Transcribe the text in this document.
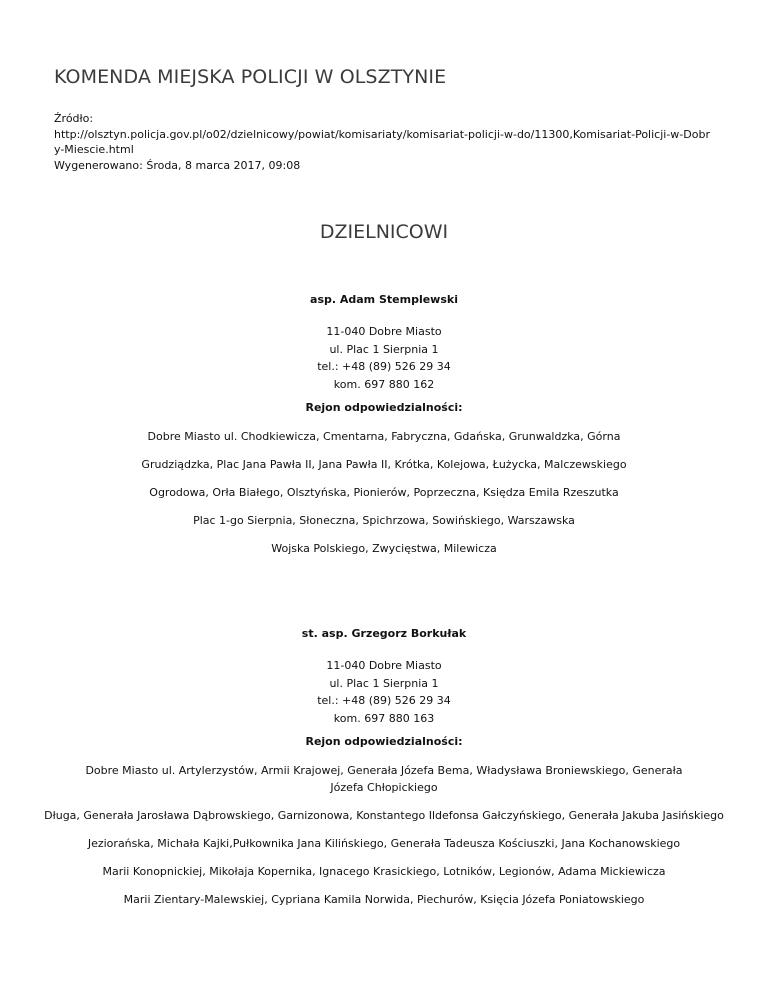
KOMENDA MIEJSKA POLICJI W OLSZTYNIE
Źródło:
http://olsztyn.policja.gov.pl/o02/dzielnicowy/powiat/komisariaty/komisariat-policji-w-do/11300,Komisariat-Policji-w-Dobry-Miescie.html
Wygenerowano: Środa, 8 marca 2017, 09:08
DZIELNICOWI
asp. Adam Stemplewski
11-040 Dobre Miasto
ul. Plac 1 Sierpnia 1
tel.: +48 (89) 526 29 34
kom. 697 880 162
Rejon odpowiedzialności:
Dobre Miasto ul. Chodkiewicza, Cmentarna, Fabryczna, Gdańska, Grunwaldzka, Górna
Grudziądzka, Plac Jana Pawła II, Jana Pawła II, Krótka, Kolejowa, Łużycka, Malczewskiego
Ogrodowa, Orła Białego, Olsztyńska, Pionierów, Poprzeczna, Księdza Emila Rzeszutka
Plac 1-go Sierpnia, Słoneczna, Spichrzowa, Sowińskiego, Warszawska
Wojska Polskiego, Zwycięstwa, Milewicza
st. asp. Grzegorz Borkułak
11-040 Dobre Miasto
ul. Plac 1 Sierpnia 1
tel.: +48 (89) 526 29 34
kom. 697 880 163
Rejon odpowiedzialności:
Dobre Miasto ul. Artylerzystów, Armii Krajowej, Generała Józefa Bema, Władysława Broniewskiego, Generała Józefa Chłopickiego
Długa, Generała Jarosława Dąbrowskiego, Garnizonowa, Konstantego Ildefonsa Gałczyńskiego, Generała Jakuba Jasińskiego
Jeziorańska, Michała Kajki,Pułkownika Jana Kilińskiego, Generała Tadeusza Kościuszki, Jana Kochanowskiego
Marii Konopnickiej, Mikołaja Kopernika, Ignacego Krasickiego, Lotników, Legionów, Adama Mickiewicza
Marii Zientary-Malewskiej, Cypriana Kamila Norwida, Piechurów, Księcia Józefa Poniatowskiego
